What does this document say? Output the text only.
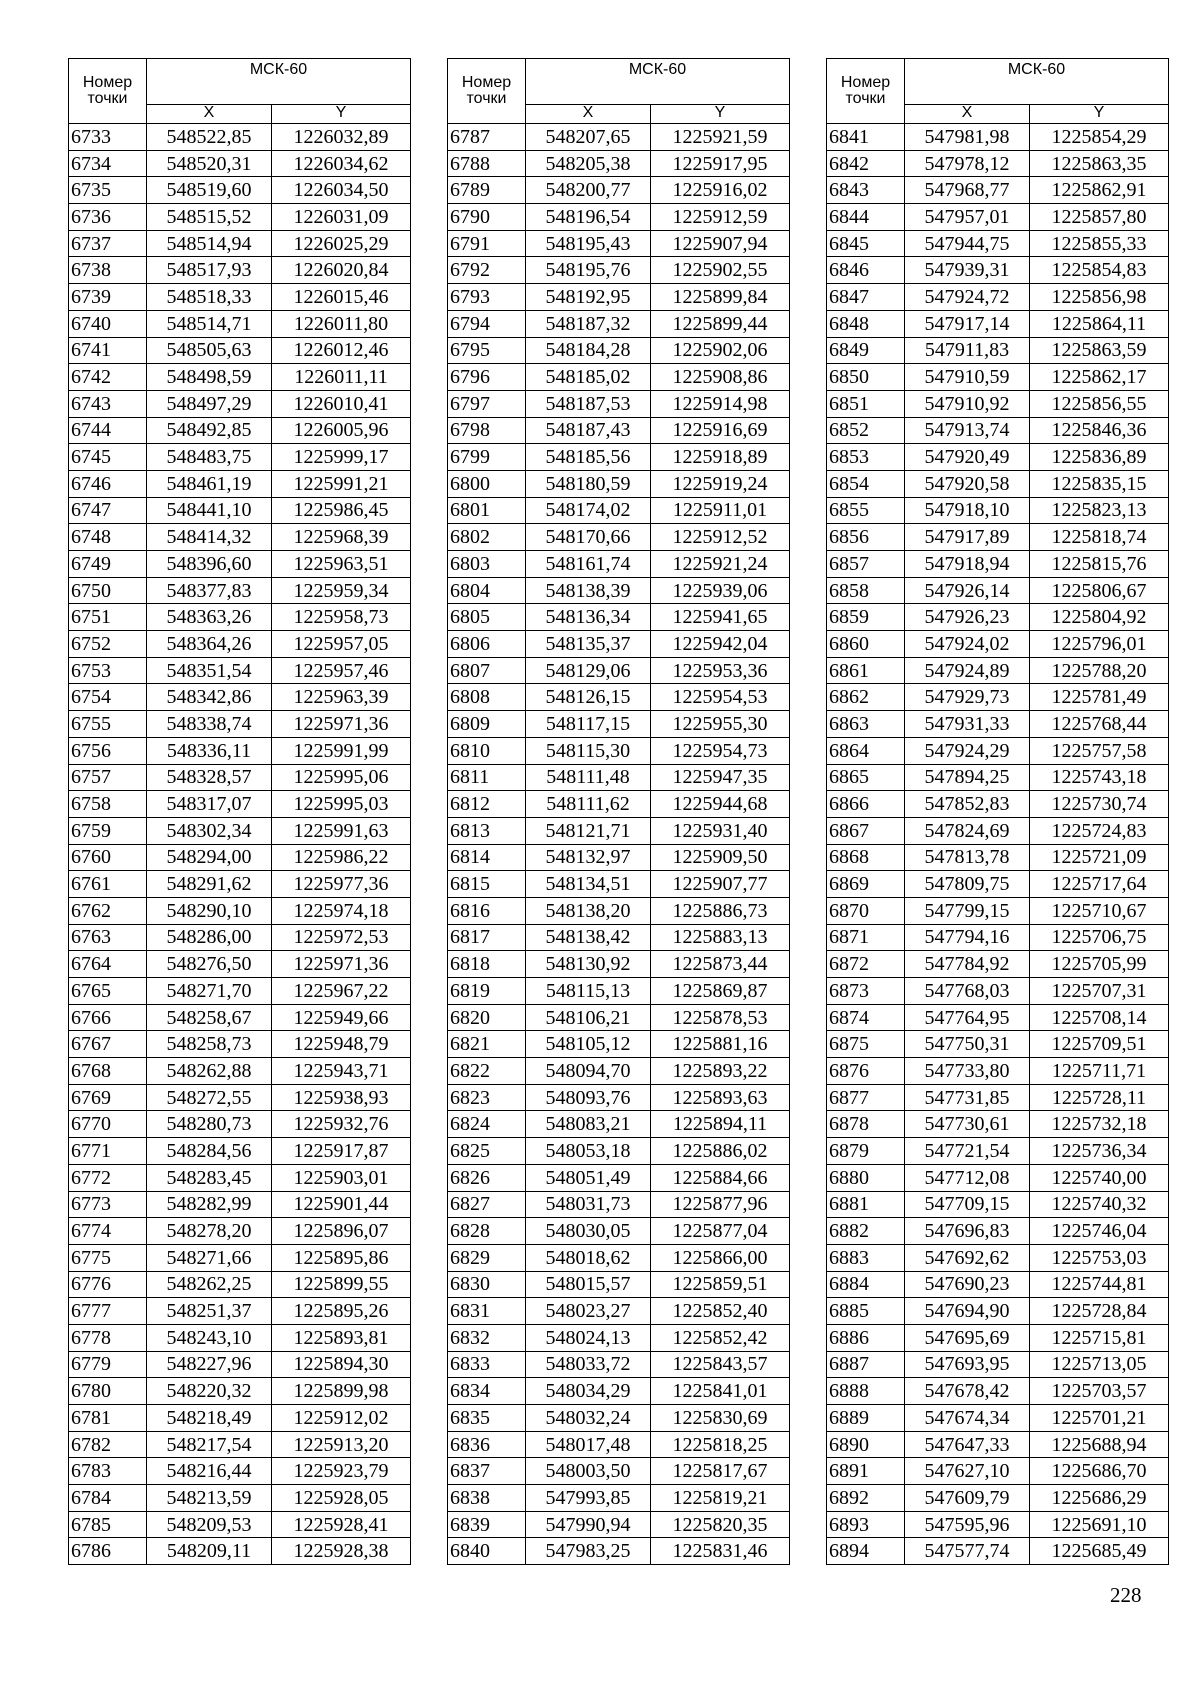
Номер точки	МСК-60	
	X	Y
6733	548522,85	1226032,89
6734	548520,31	1226034,62
6735	548519,60	1226034,50
6736	548515,52	1226031,09
6737	548514,94	1226025,29
6738	548517,93	1226020,84
6739	548518,33	1226015,46
6740	548514,71	1226011,80
6741	548505,63	1226012,46
6742	548498,59	1226011,11
6743	548497,29	1226010,41
6744	548492,85	1226005,96
6745	548483,75	1225999,17
6746	548461,19	1225991,21
6747	548441,10	1225986,45
6748	548414,32	1225968,39
6749	548396,60	1225963,51
6750	548377,83	1225959,34
6751	548363,26	1225958,73
6752	548364,26	1225957,05
6753	548351,54	1225957,46
6754	548342,86	1225963,39
6755	548338,74	1225971,36
6756	548336,11	1225991,99
6757	548328,57	1225995,06
6758	548317,07	1225995,03
6759	548302,34	1225991,63
6760	548294,00	1225986,22
6761	548291,62	1225977,36
6762	548290,10	1225974,18
6763	548286,00	1225972,53
6764	548276,50	1225971,36
6765	548271,70	1225967,22
6766	548258,67	1225949,66
6767	548258,73	1225948,79
6768	548262,88	1225943,71
6769	548272,55	1225938,93
6770	548280,73	1225932,76
6771	548284,56	1225917,87
6772	548283,45	1225903,01
6773	548282,99	1225901,44
6774	548278,20	1225896,07
6775	548271,66	1225895,86
6776	548262,25	1225899,55
6777	548251,37	1225895,26
6778	548243,10	1225893,81
6779	548227,96	1225894,30
6780	548220,32	1225899,98
6781	548218,49	1225912,02
6782	548217,54	1225913,20
6783	548216,44	1225923,79
6784	548213,59	1225928,05
6785	548209,53	1225928,41
6786	548209,11	1225928,38
Номер точки	МСК-60	
	X	Y
6787	548207,65	1225921,59
6788	548205,38	1225917,95
6789	548200,77	1225916,02
6790	548196,54	1225912,59
6791	548195,43	1225907,94
6792	548195,76	1225902,55
6793	548192,95	1225899,84
6794	548187,32	1225899,44
6795	548184,28	1225902,06
6796	548185,02	1225908,86
6797	548187,53	1225914,98
6798	548187,43	1225916,69
6799	548185,56	1225918,89
6800	548180,59	1225919,24
6801	548174,02	1225911,01
6802	548170,66	1225912,52
6803	548161,74	1225921,24
6804	548138,39	1225939,06
6805	548136,34	1225941,65
6806	548135,37	1225942,04
6807	548129,06	1225953,36
6808	548126,15	1225954,53
6809	548117,15	1225955,30
6810	548115,30	1225954,73
6811	548111,48	1225947,35
6812	548111,62	1225944,68
6813	548121,71	1225931,40
6814	548132,97	1225909,50
6815	548134,51	1225907,77
6816	548138,20	1225886,73
6817	548138,42	1225883,13
6818	548130,92	1225873,44
6819	548115,13	1225869,87
6820	548106,21	1225878,53
6821	548105,12	1225881,16
6822	548094,70	1225893,22
6823	548093,76	1225893,63
6824	548083,21	1225894,11
6825	548053,18	1225886,02
6826	548051,49	1225884,66
6827	548031,73	1225877,96
6828	548030,05	1225877,04
6829	548018,62	1225866,00
6830	548015,57	1225859,51
6831	548023,27	1225852,40
6832	548024,13	1225852,42
6833	548033,72	1225843,57
6834	548034,29	1225841,01
6835	548032,24	1225830,69
6836	548017,48	1225818,25
6837	548003,50	1225817,67
6838	547993,85	1225819,21
6839	547990,94	1225820,35
6840	547983,25	1225831,46
Номер точки	МСК-60	
	X	Y
6841	547981,98	1225854,29
6842	547978,12	1225863,35
6843	547968,77	1225862,91
6844	547957,01	1225857,80
6845	547944,75	1225855,33
6846	547939,31	1225854,83
6847	547924,72	1225856,98
6848	547917,14	1225864,11
6849	547911,83	1225863,59
6850	547910,59	1225862,17
6851	547910,92	1225856,55
6852	547913,74	1225846,36
6853	547920,49	1225836,89
6854	547920,58	1225835,15
6855	547918,10	1225823,13
6856	547917,89	1225818,74
6857	547918,94	1225815,76
6858	547926,14	1225806,67
6859	547926,23	1225804,92
6860	547924,02	1225796,01
6861	547924,89	1225788,20
6862	547929,73	1225781,49
6863	547931,33	1225768,44
6864	547924,29	1225757,58
6865	547894,25	1225743,18
6866	547852,83	1225730,74
6867	547824,69	1225724,83
6868	547813,78	1225721,09
6869	547809,75	1225717,64
6870	547799,15	1225710,67
6871	547794,16	1225706,75
6872	547784,92	1225705,99
6873	547768,03	1225707,31
6874	547764,95	1225708,14
6875	547750,31	1225709,51
6876	547733,80	1225711,71
6877	547731,85	1225728,11
6878	547730,61	1225732,18
6879	547721,54	1225736,34
6880	547712,08	1225740,00
6881	547709,15	1225740,32
6882	547696,83	1225746,04
6883	547692,62	1225753,03
6884	547690,23	1225744,81
6885	547694,90	1225728,84
6886	547695,69	1225715,81
6887	547693,95	1225713,05
6888	547678,42	1225703,57
6889	547674,34	1225701,21
6890	547647,33	1225688,94
6891	547627,10	1225686,70
6892	547609,79	1225686,29
6893	547595,96	1225691,10
6894	547577,74	1225685,49
228
